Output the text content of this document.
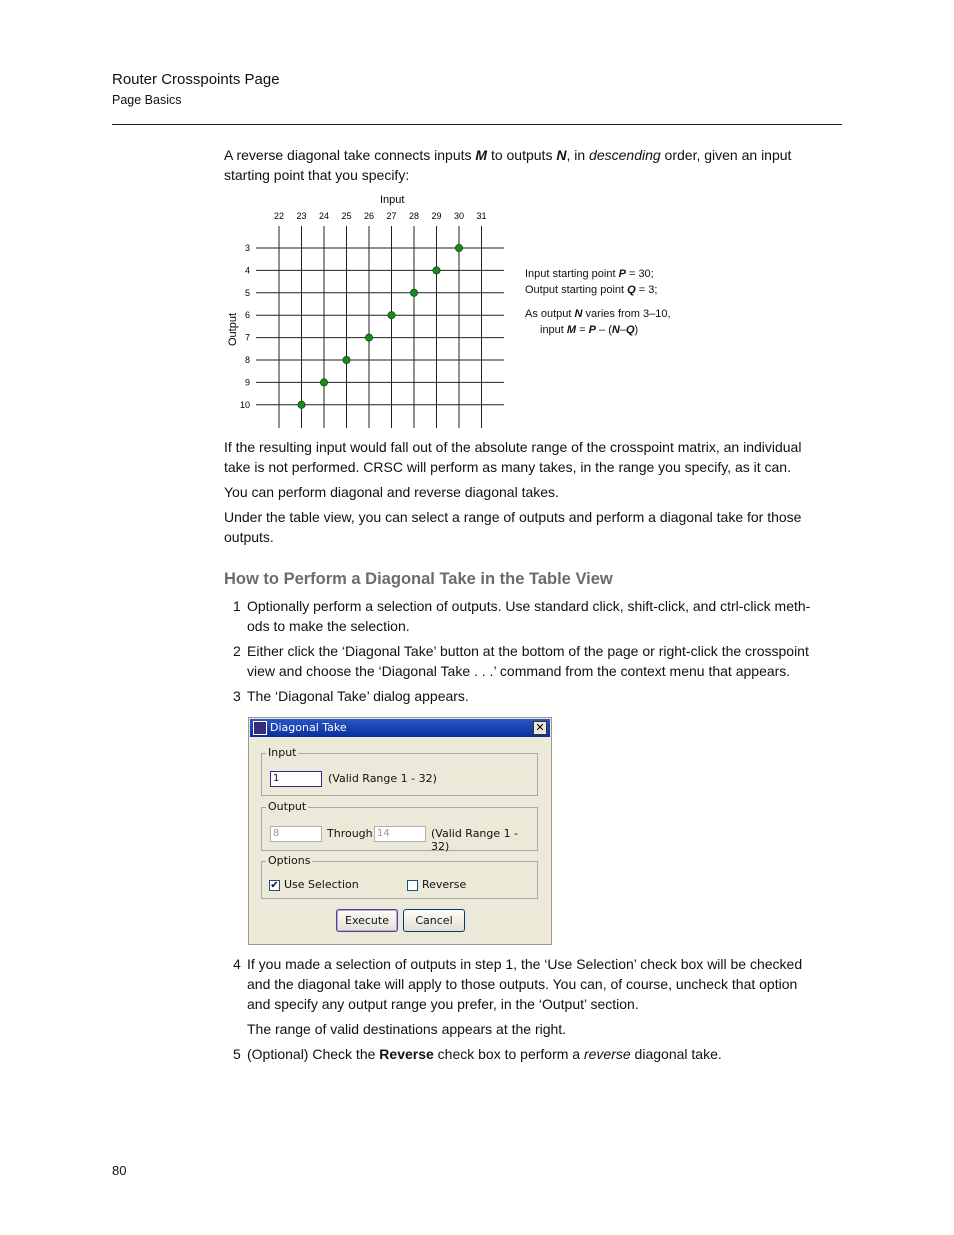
Router Crosspoints Page
Page Basics
A reverse diagonal take connects inputs M to outputs N, in descending order, given an input
starting point that you specify:
Input
Output
22 23 24 25 26 27 28 29 30 31
3
4
5
6
7
8
9
10
Input starting point P = 30;
Output starting point Q = 3;
As output N varies from 3–10,
input M = P – (N–Q)
If the resulting input would fall out of the absolute range of the crosspoint matrix, an individual
take is not performed. CRSC will perform as many takes, in the range you specify, as it can.
You can perform diagonal and reverse diagonal takes.
Under the table view, you can select a range of outputs and perform a diagonal take for those
outputs.
How to Perform a Diagonal Take in the Table View
1 Optionally perform a selection of outputs. Use standard click, shift-click, and ctrl-click meth-
ods to make the selection.
2 Either click the ‘Diagonal Take’ button at the bottom of the page or right-click the crosspoint
view and choose the ‘Diagonal Take . . .’ command from the context menu that appears.
3 The ‘Diagonal Take’ dialog appears.
Diagonal Take	✕
Input
1	(Valid Range 1 - 32)
Output
8	Through 14	(Valid Range 1 - 32)
Options
✔ Use Selection	Reverse
Execute	Cancel
4 If you made a selection of outputs in step 1, the ‘Use Selection’ check box will be checked
and the diagonal take will apply to those outputs. You can, of course, uncheck that option
and specify any output range you prefer, in the ‘Output’ section.
The range of valid destinations appears at the right.
5 (Optional) Check the Reverse check box to perform a reverse diagonal take.
80
